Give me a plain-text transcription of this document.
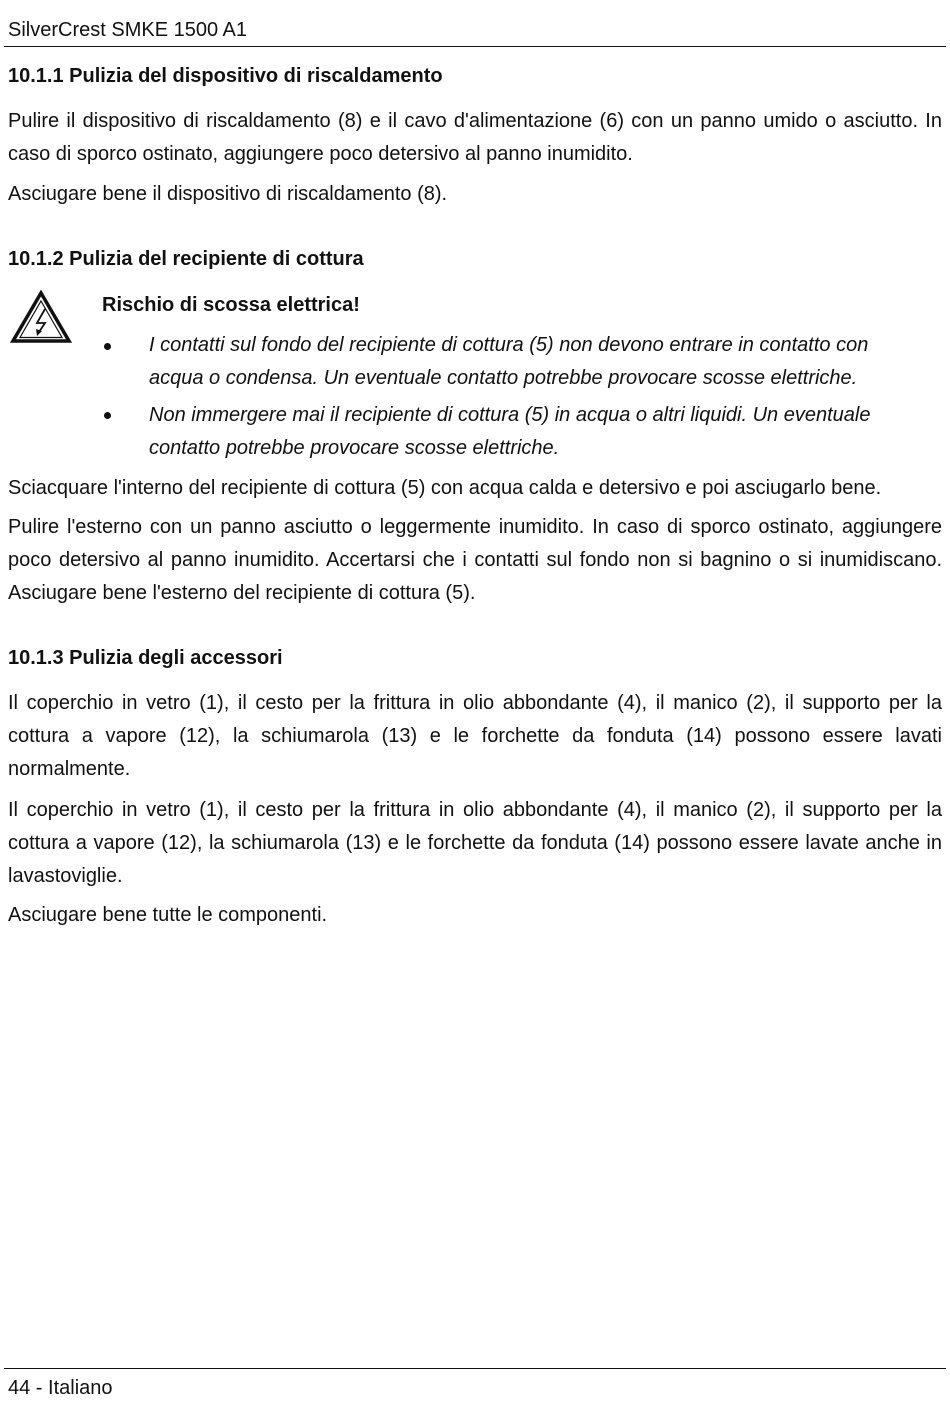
SilverCrest SMKE 1500 A1
10.1.1 Pulizia del dispositivo di riscaldamento
Pulire il dispositivo di riscaldamento (8) e il cavo d'alimentazione (6) con un panno umido o asciutto. In
caso di sporco ostinato, aggiungere poco detersivo al panno inumidito.
Asciugare bene il dispositivo di riscaldamento (8).
10.1.2 Pulizia del recipiente di cottura
Rischio di scossa elettrica!
I contatti sul fondo del recipiente di cottura (5) non devono entrare in contatto con
acqua o condensa. Un eventuale contatto potrebbe provocare scosse elettriche.
Non immergere mai il recipiente di cottura (5) in acqua o altri liquidi. Un eventuale
contatto potrebbe provocare scosse elettriche.
Sciacquare l'interno del recipiente di cottura (5) con acqua calda e detersivo e poi asciugarlo bene.
Pulire l'esterno con un panno asciutto o leggermente inumidito. In caso di sporco ostinato, aggiungere
poco detersivo al panno inumidito. Accertarsi che i contatti sul fondo non si bagnino o si inumidiscano.
Asciugare bene l'esterno del recipiente di cottura (5).
10.1.3 Pulizia degli accessori
Il coperchio in vetro (1), il cesto per la frittura in olio abbondante (4), il manico (2), il supporto per la
cottura a vapore (12), la schiumarola (13) e le forchette da fonduta (14) possono essere lavati
normalmente.
Il coperchio in vetro (1), il cesto per la frittura in olio abbondante (4), il manico (2), il supporto per la
cottura a vapore (12), la schiumarola (13) e le forchette da fonduta (14) possono essere lavate anche in
lavastoviglie.
Asciugare bene tutte le componenti.
44 - Italiano
